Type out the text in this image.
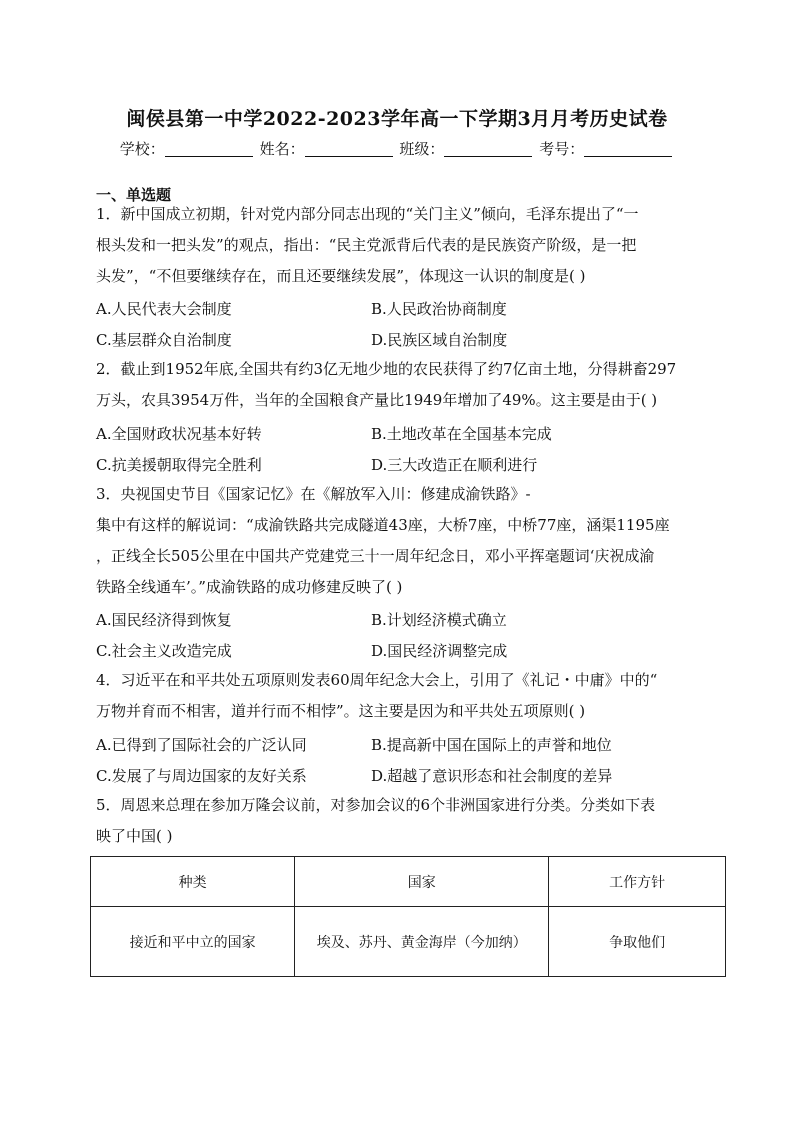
闽侯县第一中学2022-2023学年高一下学期3月月考历史试卷
学校：	姓名：	班级：	考号：
一、单选题

1．新中国成立初期，针对党内部分同志出现的“关门主义”倾向，毛泽东提出了“一

根头发和一把头发”的观点，指出：“民主党派背后代表的是民族资产阶级，是一把

头发”，“不但要继续存在，而且还要继续发展”，体现这一认识的制度是( )

A.人民代表大会制度	B.人民政治协商制度
C.基层群众自治制度	D.民族区域自治制度

2．截止到1952年底,全国共有约3亿无地少地的农民获得了约7亿亩土地，分得耕畜297

万头，农具3954万件，当年的全国粮食产量比1949年增加了49%。这主要是由于( )

A.全国财政状况基本好转	B.土地改革在全国基本完成
C.抗美援朝取得完全胜利	D.三大改造正在顺利进行

3．央视国史节目《国家记忆》在《解放军入川：修建成渝铁路》-

集中有这样的解说词：“成渝铁路共完成隧道43座，大桥7座，中桥77座，涵渠1195座

，正线全长505公里在中国共产党建党三十一周年纪念日，邓小平挥毫题词‘庆祝成渝

铁路全线通车’。”成渝铁路的成功修建反映了( )

A.国民经济得到恢复	B.计划经济模式确立
C.社会主义改造完成	D.国民经济调整完成

4．习近平在和平共处五项原则发表60周年纪念大会上，引用了《礼记・中庸》中的“

万物并育而不相害，道并行而不相悖”。这主要是因为和平共处五项原则( )

A.已得到了国际社会的广泛认同	B.提高新中国在国际上的声誉和地位
C.发展了与周边国家的友好关系	D.超越了意识形态和社会制度的差异

5．周恩来总理在参加万隆会议前，对参加会议的6个非洲国家进行分类。分类如下表

映了中国( )

种类	国家	工作方针
接近和平中立的国家	埃及、苏丹、黄金海岸（今加纳）	争取他们
